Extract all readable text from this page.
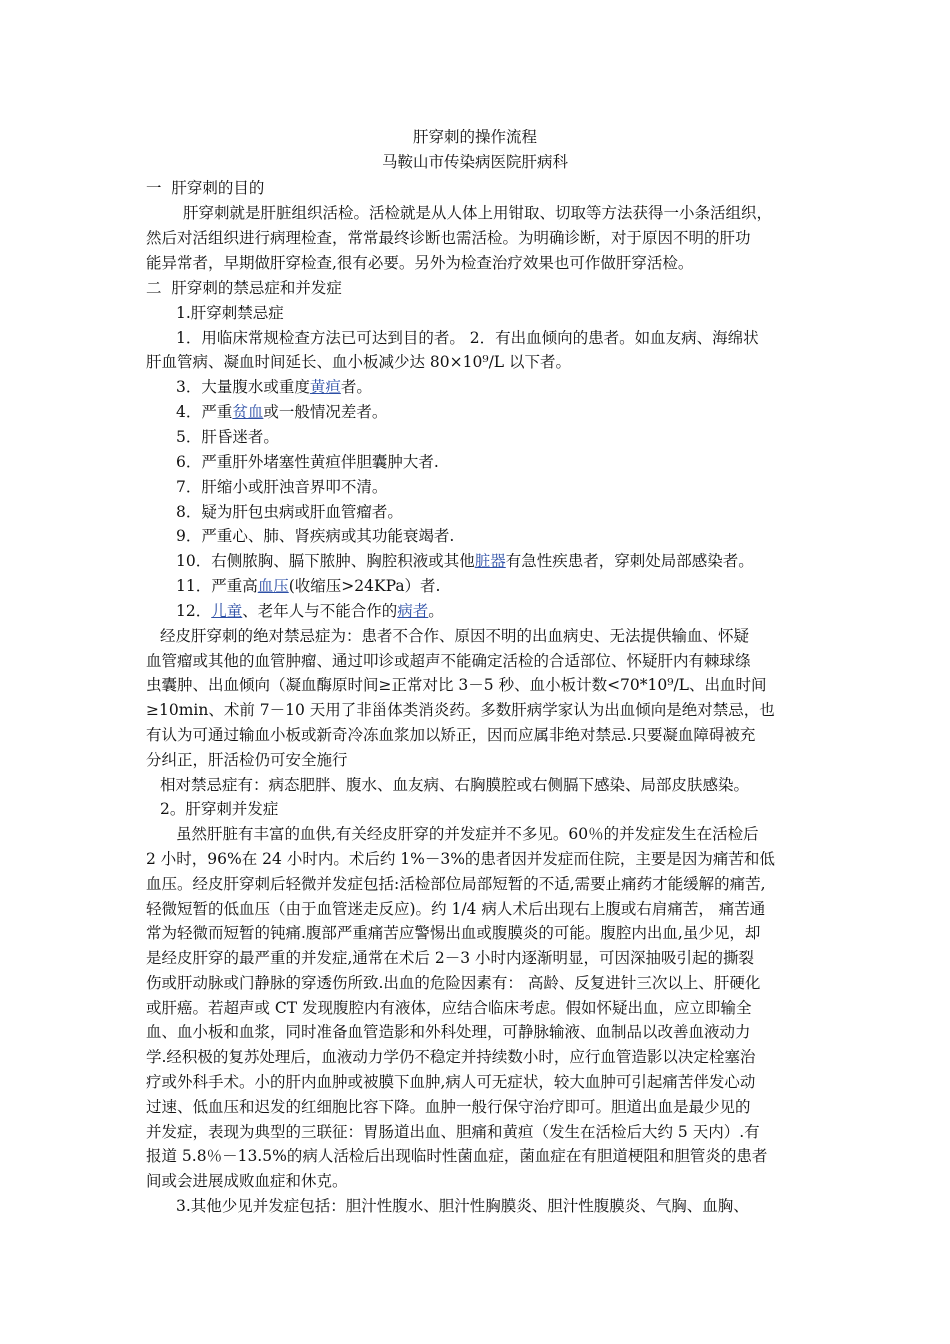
肝穿刺的操作流程
马鞍山市传染病医院肝病科
一  肝穿刺的目的
肝穿刺就是肝脏组织活检。活检就是从人体上用钳取、切取等方法获得一小条活组织，
然后对活组织进行病理检查，常常最终诊断也需活检。为明确诊断，对于原因不明的肝功
能异常者，早期做肝穿检查,很有必要。另外为检查治疗效果也可作做肝穿活检。
二  肝穿刺的禁忌症和并发症
1.肝穿刺禁忌症
1．用临床常规检查方法已可达到目的者。 2．有出血倾向的患者。如血友病、海绵状
肝血管病、凝血时间延长、血小板减少达 80×10⁹/L 以下者。
3．大量腹水或重度黄疸者。
4．严重贫血或一般情况差者。
5．肝昏迷者。
6．严重肝外堵塞性黄疸伴胆囊肿大者.
7．肝缩小或肝浊音界叩不清。
8．疑为肝包虫病或肝血管瘤者。
9．严重心、肺、肾疾病或其功能衰竭者.
10．右侧脓胸、膈下脓肿、胸腔积液或其他脏器有急性疾患者，穿刺处局部感染者。
11．严重高血压(收缩压>24KPa）者.
12．儿童、老年人与不能合作的病者。
经皮肝穿刺的绝对禁忌症为：患者不合作、原因不明的出血病史、无法提供输血、怀疑
血管瘤或其他的血管肿瘤、通过叩诊或超声不能确定活检的合适部位、怀疑肝内有棘球绦
虫囊肿、出血倾向（凝血酶原时间≥正常对比 3－5 秒、血小板计数<70*10⁹/L、出血时间
≥10min、术前 7－10 天用了非甾体类消炎药。多数肝病学家认为出血倾向是绝对禁忌，也
有认为可通过输血小板或新奇冷冻血浆加以矫正，因而应属非绝对禁忌.只要凝血障碍被充
分纠正，肝活检仍可安全施行
相对禁忌症有：病态肥胖、腹水、血友病、右胸膜腔或右侧膈下感染、局部皮肤感染。
2。肝穿刺并发症
虽然肝脏有丰富的血供,有关经皮肝穿的并发症并不多见。60％的并发症发生在活检后
2 小时，96%在 24 小时内。术后约 1%－3%的患者因并发症而住院，主要是因为痛苦和低
血压。经皮肝穿刺后轻微并发症包括:活检部位局部短暂的不适,需要止痛药才能缓解的痛苦,
轻微短暂的低血压（由于血管迷走反应)。约 1/4 病人术后出现右上腹或右肩痛苦， 痛苦通
常为轻微而短暂的钝痛.腹部严重痛苦应警惕出血或腹膜炎的可能。腹腔内出血,虽少见，却
是经皮肝穿的最严重的并发症,通常在术后 2－3 小时内逐渐明显，可因深抽吸引起的撕裂
伤或肝动脉或门静脉的穿透伤所致.出血的危险因素有： 高龄、反复进针三次以上、肝硬化
或肝癌。若超声或 CT 发现腹腔内有液体，应结合临床考虑。假如怀疑出血，应立即输全
血、血小板和血浆，同时准备血管造影和外科处理，可静脉输液、血制品以改善血液动力
学.经积极的复苏处理后，血液动力学仍不稳定并持续数小时，应行血管造影以决定栓塞治
疗或外科手术。小的肝内血肿或被膜下血肿,病人可无症状，较大血肿可引起痛苦伴发心动
过速、低血压和迟发的红细胞比容下降。血肿一般行保守治疗即可。胆道出血是最少见的
并发症，表现为典型的三联征：胃肠道出血、胆痛和黄疸（发生在活检后大约 5 天内）.有
报道 5.8％－13.5%的病人活检后出现临时性菌血症，菌血症在有胆道梗阻和胆管炎的患者
间或会进展成败血症和休克。
3.其他少见并发症包括：胆汁性腹水、胆汁性胸膜炎、胆汁性腹膜炎、气胸、血胸、
